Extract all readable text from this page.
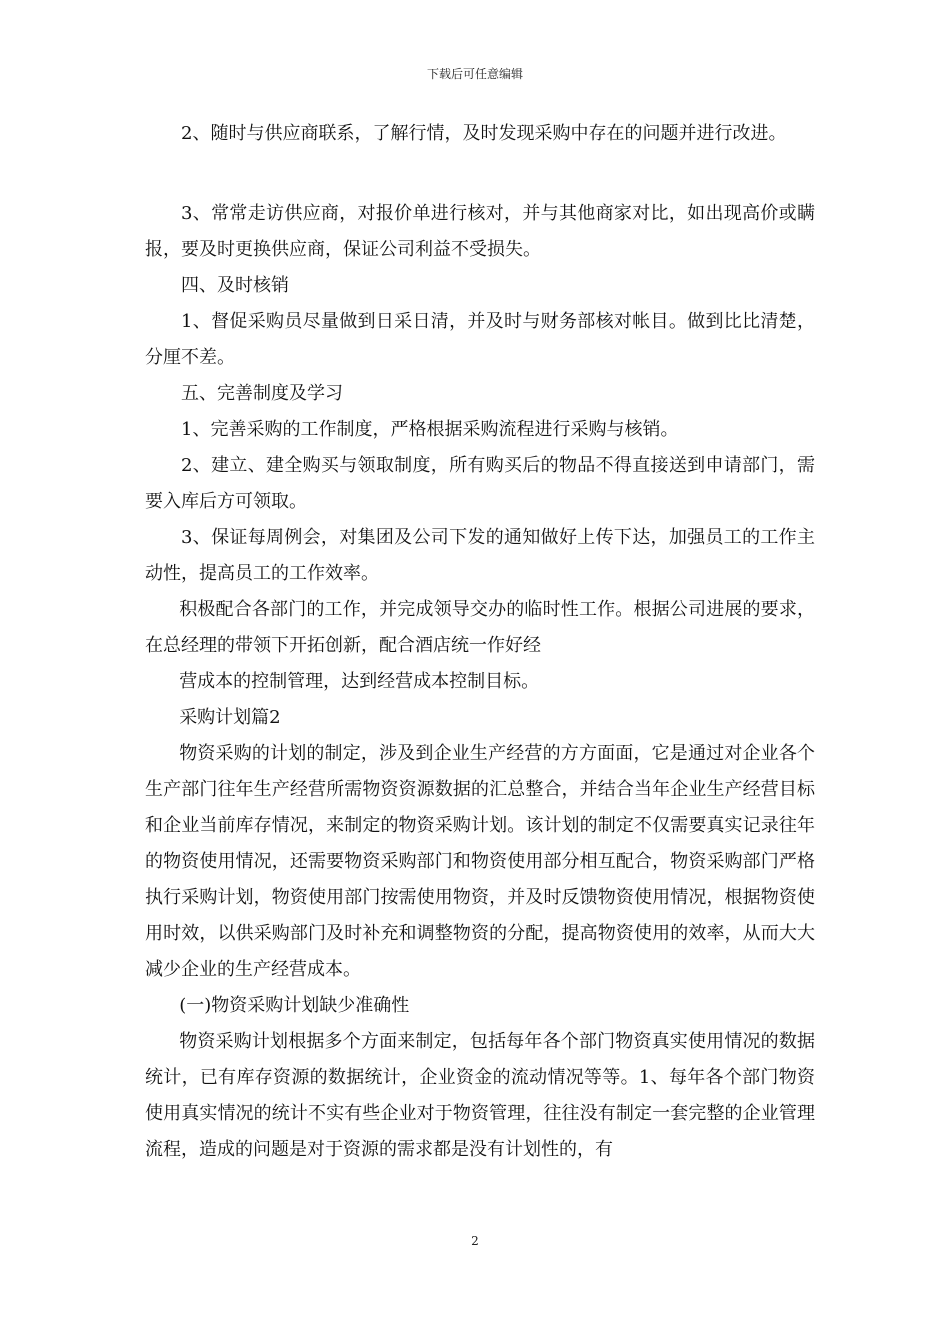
下载后可任意编辑

2、随时与供应商联系，了解行情，及时发现采购中存在的问题并进行改进。

3、常常走访供应商，对报价单进行核对，并与其他商家对比，如出现高价或瞒报，要及时更换供应商，保证公司利益不受损失。

四、及时核销

1、督促采购员尽量做到日采日清，并及时与财务部核对帐目。做到比比清楚，分厘不差。

五、完善制度及学习

1、完善采购的工作制度，严格根据采购流程进行采购与核销。

2、建立、建全购买与领取制度，所有购买后的物品不得直接送到申请部门，需要入库后方可领取。

3、保证每周例会，对集团及公司下发的通知做好上传下达，加强员工的工作主动性，提高员工的工作效率。

积极配合各部门的工作，并完成领导交办的临时性工作。根据公司进展的要求，在总经理的带领下开拓创新，配合酒店统一作好经

营成本的控制管理，达到经营成本控制目标。

采购计划篇2

物资采购的计划的制定，涉及到企业生产经营的方方面面，它是通过对企业各个生产部门往年生产经营所需物资资源数据的汇总整合，并结合当年企业生产经营目标和企业当前库存情况，来制定的物资采购计划。该计划的制定不仅需要真实记录往年的物资使用情况，还需要物资采购部门和物资使用部分相互配合，物资采购部门严格执行采购计划，物资使用部门按需使用物资，并及时反馈物资使用情况，根据物资使用时效，以供采购部门及时补充和调整物资的分配，提高物资使用的效率，从而大大减少企业的生产经营成本。

(一)物资采购计划缺少准确性

物资采购计划根据多个方面来制定，包括每年各个部门物资真实使用情况的数据统计，已有库存资源的数据统计，企业资金的流动情况等等。1、每年各个部门物资使用真实情况的统计不实有些企业对于物资管理，往往没有制定一套完整的企业管理流程，造成的问题是对于资源的需求都是没有计划性的，有

2
